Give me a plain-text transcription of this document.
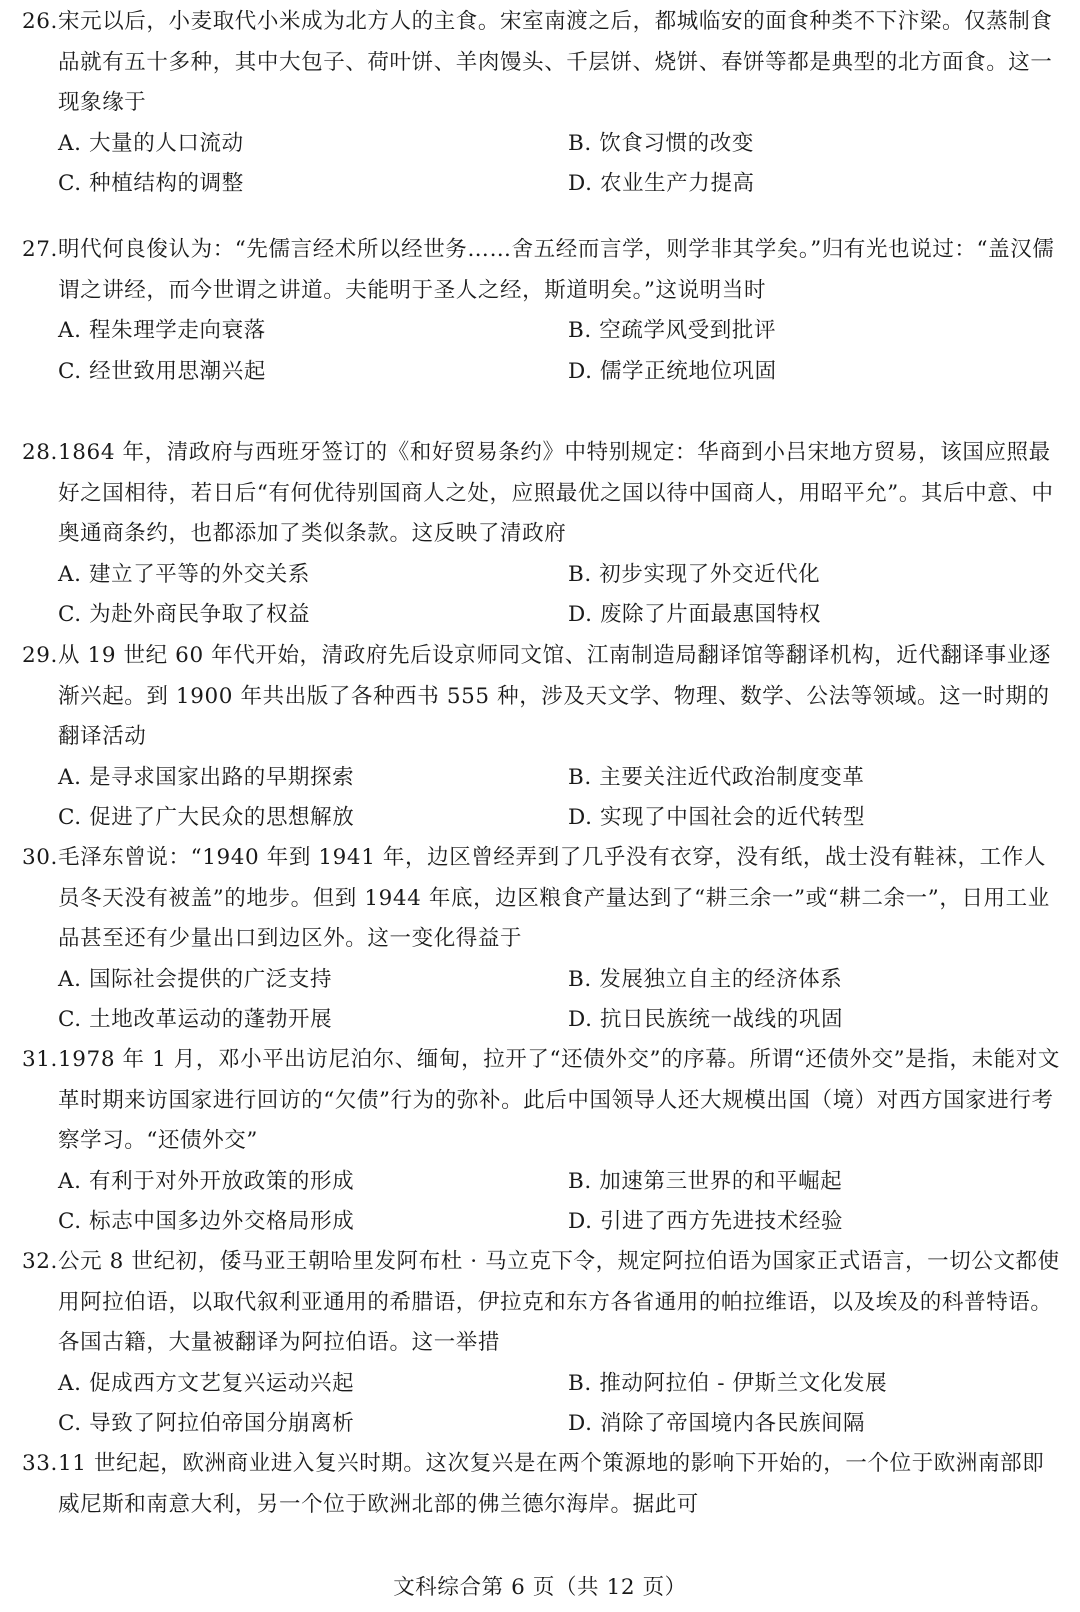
26.宋元以后，小麦取代小米成为北方人的主食。宋室南渡之后，都城临安的面食种类不下汴梁。仅蒸制食品就有五十多种，其中大包子、荷叶饼、羊肉馒头、千层饼、烧饼、春饼等都是典型的北方面食。这一现象缘于

A. 大量的人口流动	B. 饮食习惯的改变
C. 种植结构的调整	D. 农业生产力提高

27.明代何良俊认为：“先儒言经术所以经世务……舍五经而言学，则学非其学矣。”归有光也说过：“盖汉儒谓之讲经，而今世谓之讲道。夫能明于圣人之经，斯道明矣。”这说明当时

A. 程朱理学走向衰落	B. 空疏学风受到批评
C. 经世致用思潮兴起	D. 儒学正统地位巩固

28.1864 年，清政府与西班牙签订的《和好贸易条约》中特别规定：华商到小吕宋地方贸易，该国应照最好之国相待，若日后“有何优待别国商人之处，应照最优之国以待中国商人，用昭平允”。其后中意、中奥通商条约，也都添加了类似条款。这反映了清政府

A. 建立了平等的外交关系	B. 初步实现了外交近代化
C. 为赴外商民争取了权益	D. 废除了片面最惠国特权

29.从 19 世纪 60 年代开始，清政府先后设京师同文馆、江南制造局翻译馆等翻译机构，近代翻译事业逐渐兴起。到 1900 年共出版了各种西书 555 种，涉及天文学、物理、数学、公法等领域。这一时期的翻译活动

A. 是寻求国家出路的早期探索	B. 主要关注近代政治制度变革
C. 促进了广大民众的思想解放	D. 实现了中国社会的近代转型

30.毛泽东曾说：“1940 年到 1941 年，边区曾经弄到了几乎没有衣穿，没有纸，战士没有鞋袜，工作人员冬天没有被盖”的地步。但到 1944 年底，边区粮食产量达到了“耕三余一”或“耕二余一”，日用工业品甚至还有少量出口到边区外。这一变化得益于

A. 国际社会提供的广泛支持	B. 发展独立自主的经济体系
C. 土地改革运动的蓬勃开展	D. 抗日民族统一战线的巩固

31.1978 年 1 月，邓小平出访尼泊尔、缅甸，拉开了“还债外交”的序幕。所谓“还债外交”是指，未能对文革时期来访国家进行回访的“欠债”行为的弥补。此后中国领导人还大规模出国（境）对西方国家进行考察学习。“还债外交”

A. 有利于对外开放政策的形成	B. 加速第三世界的和平崛起
C. 标志中国多边外交格局形成	D. 引进了西方先进技术经验

32.公元 8 世纪初，倭马亚王朝哈里发阿布杜 · 马立克下令，规定阿拉伯语为国家正式语言，一切公文都使用阿拉伯语，以取代叙利亚通用的希腊语，伊拉克和东方各省通用的帕拉维语，以及埃及的科普特语。各国古籍，大量被翻译为阿拉伯语。这一举措

A. 促成西方文艺复兴运动兴起	B. 推动阿拉伯 - 伊斯兰文化发展
C. 导致了阿拉伯帝国分崩离析	D. 消除了帝国境内各民族间隔

33.11 世纪起，欧洲商业进入复兴时期。这次复兴是在两个策源地的影响下开始的，一个位于欧洲南部即威尼斯和南意大利，另一个位于欧洲北部的佛兰德尔海岸。据此可

文科综合第 6 页（共 12 页）
